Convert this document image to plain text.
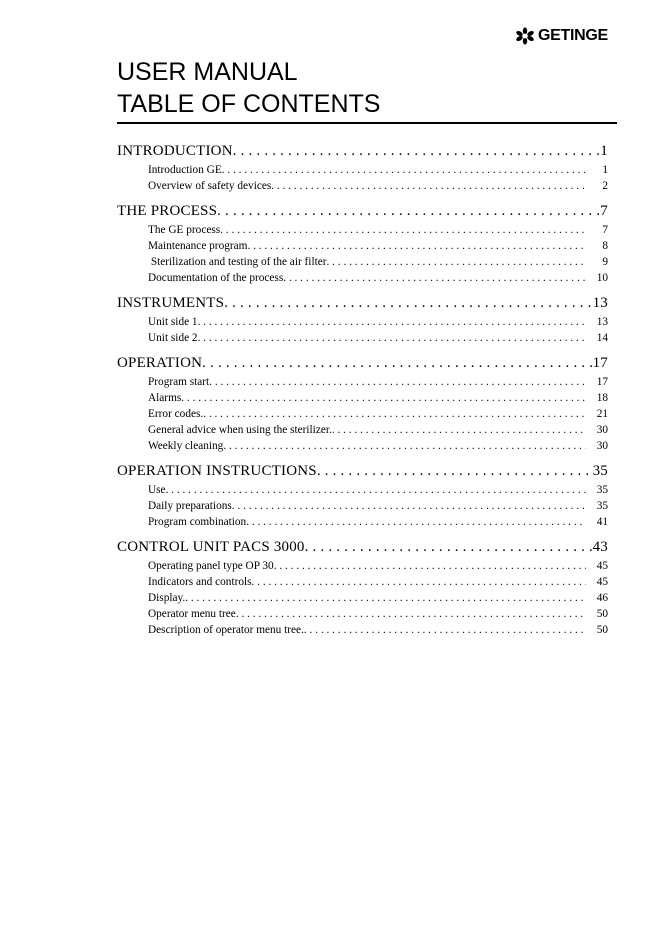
GETINGE
USER MANUAL
TABLE OF CONTENTS
INTRODUCTION . . .	1
Introduction GE . . .	1
Overview of safety devices . . .	2
THE PROCESS . . .	7
The GE process . . .	7
Maintenance program . . .	8
Sterilization and testing of the air filter . . .	9
Documentation of the process . . .	10
INSTRUMENTS . . .	13
Unit side 1 . . .	13
Unit side 2 . . .	14
OPERATION . . .	17
Program start . . .	17
Alarms . . .	18
Error codes. . . .	21
General advice when using the sterilizer. . . .	30
Weekly cleaning . . .	30
OPERATION INSTRUCTIONS . . .	35
Use . . .	35
Daily preparations . . .	35
Program combination . . .	41
CONTROL UNIT PACS 3000 . . .	43
Operating panel type OP 30 . . .	45
Indicators and controls . . .	45
Display. . . .	46
Operator menu tree . . .	50
Description of operator menu tree. . . .	50
